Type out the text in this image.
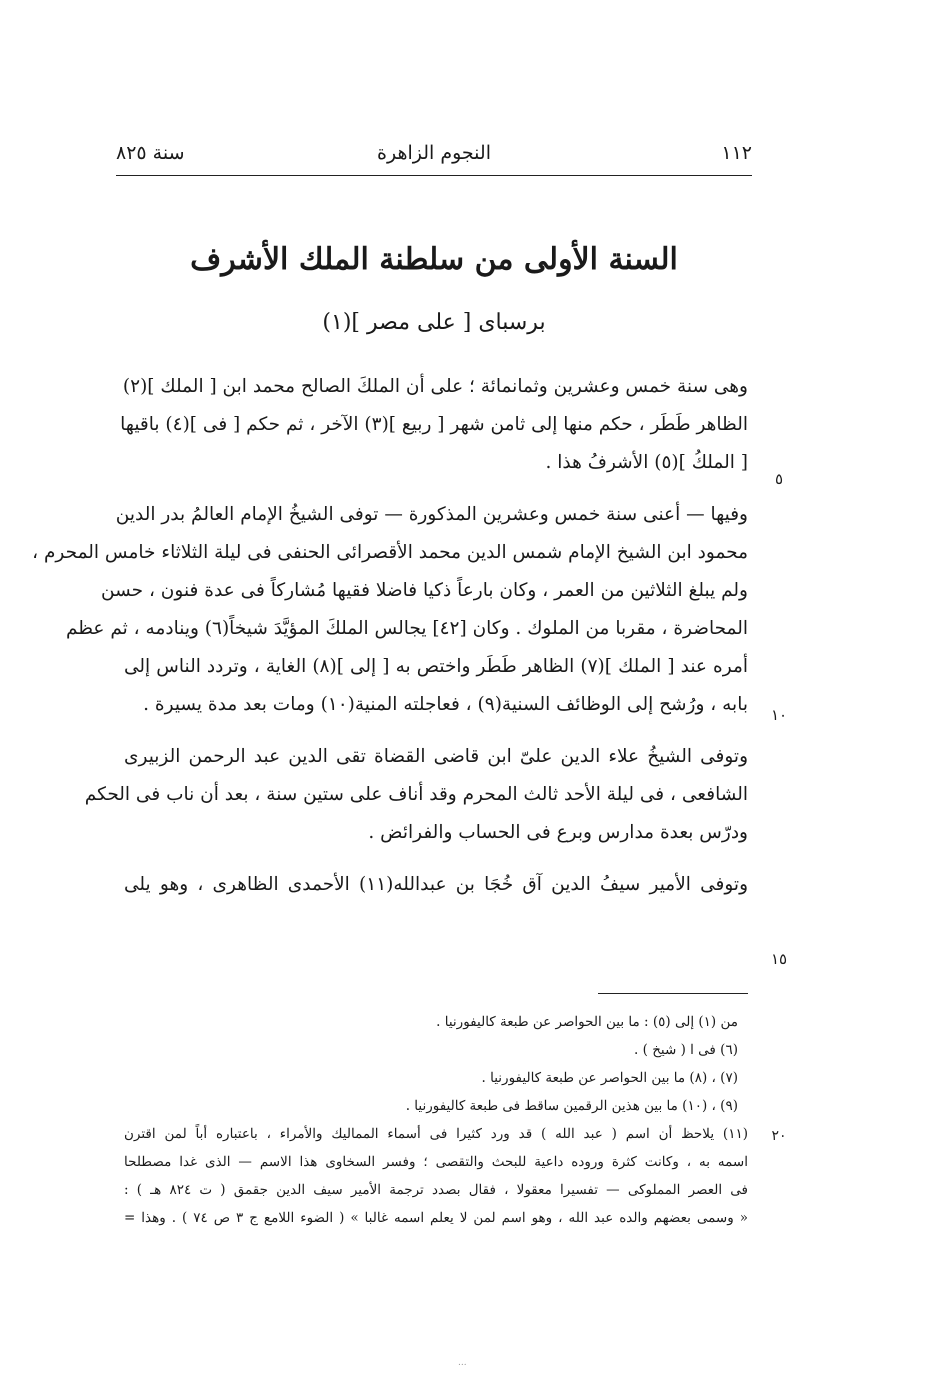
١١٢
النجوم الزاهرة
سنة ٨٢٥
السنة الأولى من سلطنة الملك الأشرف
برسباى [ على مصر ](١)
وهى سنة خمس وعشرين وثمانمائة ؛ على أن الملكَ الصالح محمد ابن [ الملك ](٢)
الظاهر طَطَر ، حكم منها إلى ثامن شهر [ ربيع ](٣) الآخر ، ثم حكم [ فى ](٤) باقيها
[ الملكُ ](٥) الأشرفُ هذا .
وفيها — أعنى سنة خمس وعشرين المذكورة — توفى الشيخُ الإمام العالمُ بدر الدين
محمود ابن الشيخ الإمام شمس الدين محمد الأقصرائى الحنفى فى ليلة الثلاثاء خامس المحرم ،
ولم يبلغ الثلاثين من العمر ، وكان بارعاً ذكيا فاضلا فقيها مُشاركاً فى عدة فنون ، حسن
المحاضرة ، مقربا من الملوك . وكان [٤٢] يجالس الملكَ المؤيَّدَ شيخاً(٦) وينادمه ، ثم عظم
أمره عند [ الملك ](٧) الظاهر طَطَر واختص به [ إلى ](٨) الغاية ، وتردد الناس إلى
بابه ، ورُشح إلى الوظائف السنية(٩) ، فعاجلته المنية(١٠) ومات بعد مدة يسيرة .
وتوفى الشيخُ علاء الدين علىّ ابن قاضى القضاة تقى الدين عبد الرحمن الزبيرى
الشافعى ، فى ليلة الأحد ثالث المحرم وقد أناف على ستين سنة ، بعد أن ناب فى الحكم
ودرّس بعدة مدارس وبرع فى الحساب والفرائض .
وتوفى الأمير سيفُ الدين آق خُجَا بن عبدالله(١١) الأحمدى الظاهرى ، وهو يلى
٥
١٠
١٥
من (١) إلى (٥) : ما بين الحواصر عن طبعة كاليفورنيا .
(٦) فى ا ( شيخ ) .
(٧) ، (٨) ما بين الحواصر عن طبعة كاليفورنيا .
(٩) ، (١٠) ما بين هذين الرقمين ساقط فى طبعة كاليفورنيا .
(١١) يلاحظ أن اسم ( عبد الله ) قد ورد كثيرا فى أسماء المماليك والأمراء ، باعتباره أباً لمن اقترن
اسمه به ، وكانت كثرة وروده داعية للبحث والتقصى ؛ وفسر السخاوى هذا الاسم — الذى غدا مصطلحا
فى العصر المملوكى — تفسيرا معقولا ، فقال بصدد ترجمة الأمير سيف الدين جقمق ( ت ٨٢٤ هـ ) :
« وسمى بعضهم والده عبد الله ، وهو اسم لمن لا يعلم اسمه غالبا » ( الضوء اللامع ج ٣ ص ٧٤ ) . وهذا =
٢٠
...
